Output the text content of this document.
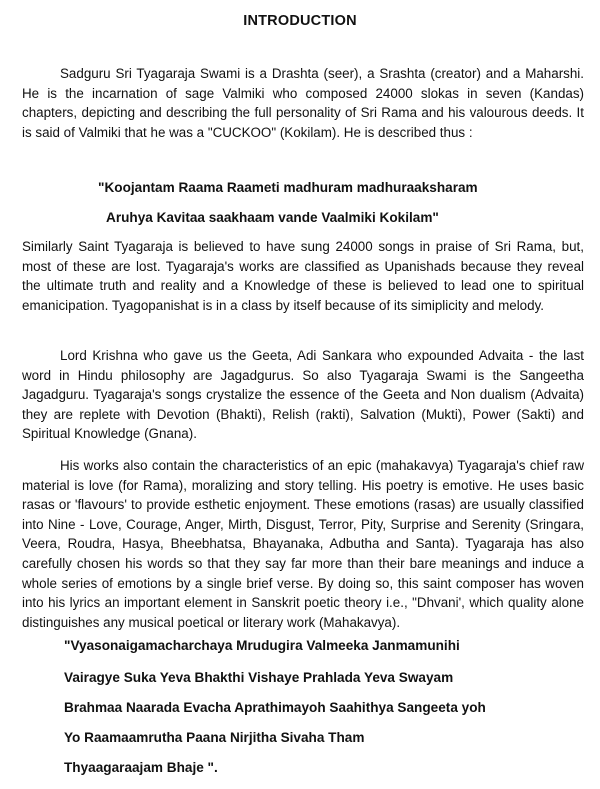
INTRODUCTION

Sadguru Sri Tyagaraja Swami is a Drashta (seer), a Srashta (creator) and a Maharshi. He is the incarnation of sage Valmiki who composed 24000 slokas in seven (Kandas) chapters, depicting and describing the full personality of Sri Rama and his valourous deeds. It is said of Valmiki that he was a "CUCKOO" (Kokilam). He is described thus :

"Koojantam Raama Raameti madhuram madhuraaksharam
Aruhya Kavitaa saakhaam vande Vaalmiki Kokilam"

Similarly Saint Tyagaraja is believed to have sung 24000 songs in praise of Sri Rama, but, most of these are lost. Tyagaraja's works are classified as Upanishads because they reveal the ultimate truth and reality and a Knowledge of these is believed to lead one to spiritual emanicipation. Tyagopanishat is in a class by itself because of its simiplicity and melody.

Lord Krishna who gave us the Geeta, Adi Sankara who expounded Advaita - the last word in Hindu philosophy are Jagadgurus. So also Tyagaraja Swami is the Sangeetha Jagadguru. Tyagaraja's songs crystalize the essence of the Geeta and Non dualism (Advaita) they are replete with Devotion (Bhakti), Relish (rakti), Salvation (Mukti), Power (Sakti) and Spiritual Knowledge (Gnana).

His works also contain the characteristics of an epic (mahakavya) Tyagaraja's chief raw material is love (for Rama), moralizing and story telling. His poetry is emotive. He uses basic rasas or 'flavours' to provide esthetic enjoyment. These emotions (rasas) are usually classified into Nine - Love, Courage, Anger, Mirth, Disgust, Terror, Pity, Surprise and Serenity (Sringara, Veera, Roudra, Hasya, Bheebhatsa, Bhayanaka, Adbutha and Santa). Tyagaraja has also carefully chosen his words so that they say far more than their bare meanings and induce a whole series of emotions by a single brief verse. By doing so, this saint composer has woven into his lyrics an important element in Sanskrit poetic theory i.e., "Dhvani', which quality alone distinguishes any musical poetical or literary work (Mahakavya).

"Vyasonaigamacharchaya Mrudugira Valmeeka Janmamunihi
Vairagye Suka Yeva Bhakthi Vishaye Prahlada Yeva Swayam
Brahmaa Naarada Evacha Aprathimayoh Saahithya Sangeeta yoh
Yo Raamaamrutha Paana Nirjitha Sivaha Tham
Thyaagaraajam Bhaje ".
